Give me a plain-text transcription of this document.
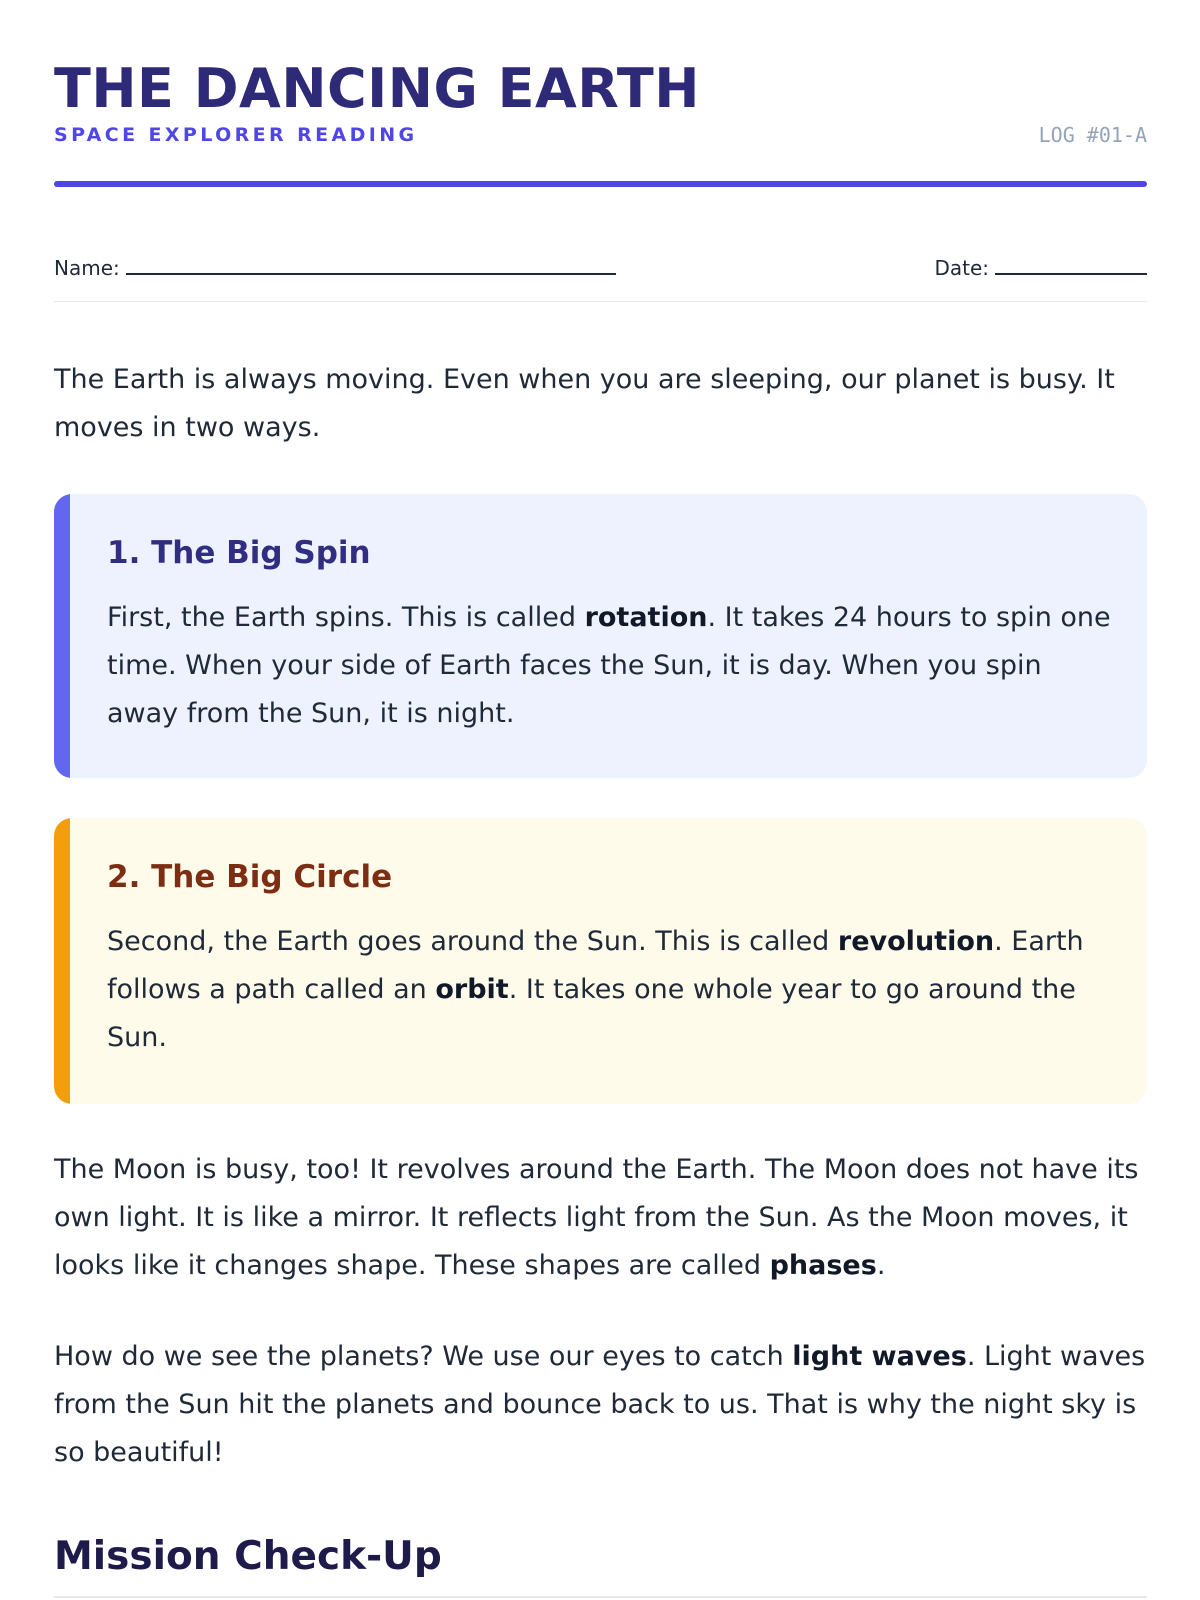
THE DANCING EARTH
SPACE EXPLORER READING	LOG #01-A
Name:	Date:

The Earth is always moving. Even when you are sleeping, our planet is busy. It moves in two ways.

1. The Big Spin

First, the Earth spins. This is called rotation. It takes 24 hours to spin one time. When your side of Earth faces the Sun, it is day. When you spin away from the Sun, it is night.

2. The Big Circle

Second, the Earth goes around the Sun. This is called revolution. Earth follows a path called an orbit. It takes one whole year to go around the Sun.

The Moon is busy, too! It revolves around the Earth. The Moon does not have its own light. It is like a mirror. It reflects light from the Sun. As the Moon moves, it looks like it changes shape. These shapes are called phases.

How do we see the planets? We use our eyes to catch light waves. Light waves from the Sun hit the planets and bounce back to us. That is why the night sky is so beautiful!

Mission Check-Up
